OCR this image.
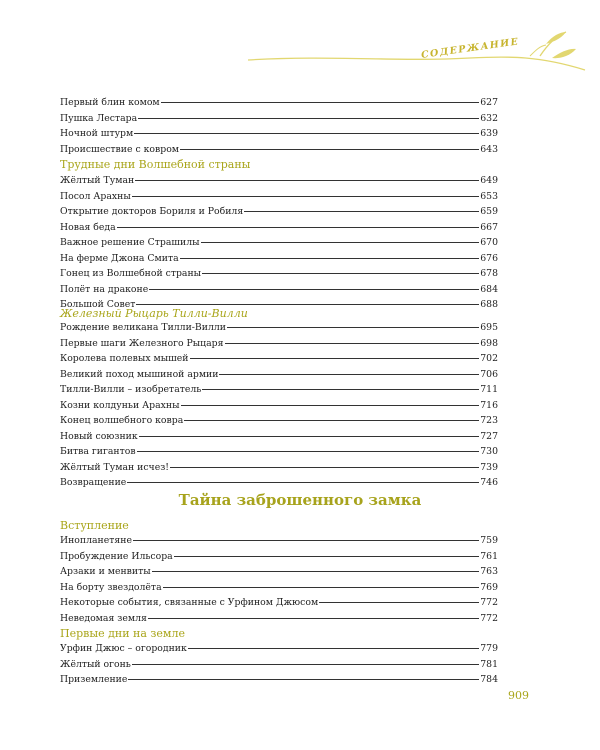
СОДЕРЖАНИЕ
Первый блин комом	627
Пушка Лестара	632
Ночной штурм	639
Происшествие с ковром	643
Трудные дни Волшебной страны
Жёлтый Туман	649
Посол Арахны	653
Открытие докторов Бориля и Робиля	659
Новая беда	667
Важное решение Страшилы	670
На ферме Джона Смита	676
Гонец из Волшебной страны	678
Полёт на драконе	684
Большой Совет	688
Железный Рыцарь Тилли-Вилли
Рождение великана Тилли-Вилли	695
Первые шаги Железного Рыцаря	698
Королева полевых мышей	702
Великий поход мышиной армии	706
Тилли-Вилли – изобретатель	711
Козни колдуньи Арахны	716
Конец волшебного ковра	723
Новый союзник	727
Битва гигантов	730
Жёлтый Туман исчез!	739
Возвращение	746
Тайна заброшенного замка
Вступление
Инопланетяне	759
Пробуждение Ильсора	761
Арзаки и менвиты	763
На борту звездолёта	769
Некоторые события, связанные с Урфином Джюсом	772
Неведомая земля	772
Первые дни на земле
Урфин Джюс – огородник	779
Жёлтый огонь	781
Приземление	784
909
